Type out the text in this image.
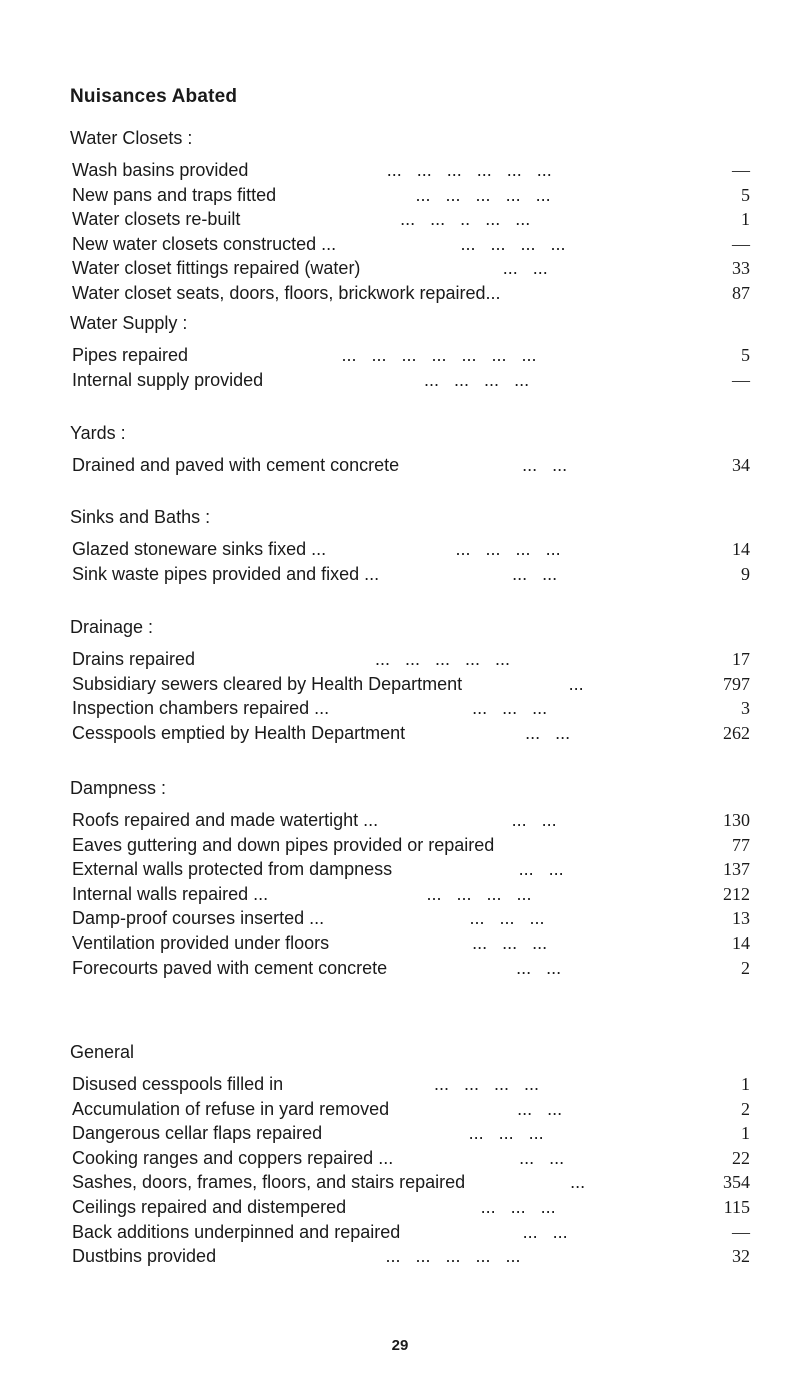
Nuisances Abated
Water Closets :
Wash basins provided	...   ...   ...   ...   ...   ...	—
New pans and traps fitted	...   ...   ...   ...   ...	5
Water closets re-built	...   ...   ..   ...   ...	1
New water closets constructed ...	...   ...   ...   ...	—
Water closet fittings repaired (water)	...   ...	33
Water closet seats, doors, floors, brickwork repaired...	87
Water Supply :
Pipes repaired	...   ...   ...   ...   ...   ...   ...	5
Internal supply provided	...   ...   ...   ...	—
Yards :
Drained and paved with cement concrete	...   ...	34
Sinks and Baths :
Glazed stoneware sinks fixed ...	...   ...   ...   ...	14
Sink waste pipes provided and fixed ...	...   ...	9
Drainage :
Drains repaired	...   ...   ...   ...   ...	17
Subsidiary sewers cleared by Health Department	...	797
Inspection chambers repaired ...	...   ...   ...	3
Cesspools emptied by Health Department	...   ...	262
Dampness :
Roofs repaired and made watertight ...	...   ...	130
Eaves guttering and down pipes provided or repaired	77
External walls protected from dampness	...   ...	137
Internal walls repaired ...	...   ...   ...   ...	212
Damp-proof courses inserted ...	...   ...   ...	13
Ventilation provided under floors	...   ...   ...	14
Forecourts paved with cement concrete	...   ...	2
General
Disused cesspools filled in	...   ...   ...   ...	1
Accumulation of refuse in yard removed	...   ...	2
Dangerous cellar flaps repaired	...   ...   ...	1
Cooking ranges and coppers repaired ...	...   ...	22
Sashes, doors, frames, floors, and stairs repaired	...	354
Ceilings repaired and distempered	...   ...   ...	115
Back additions underpinned and repaired	...   ...	—
Dustbins provided	...   ...   ...   ...   ...	32
29
